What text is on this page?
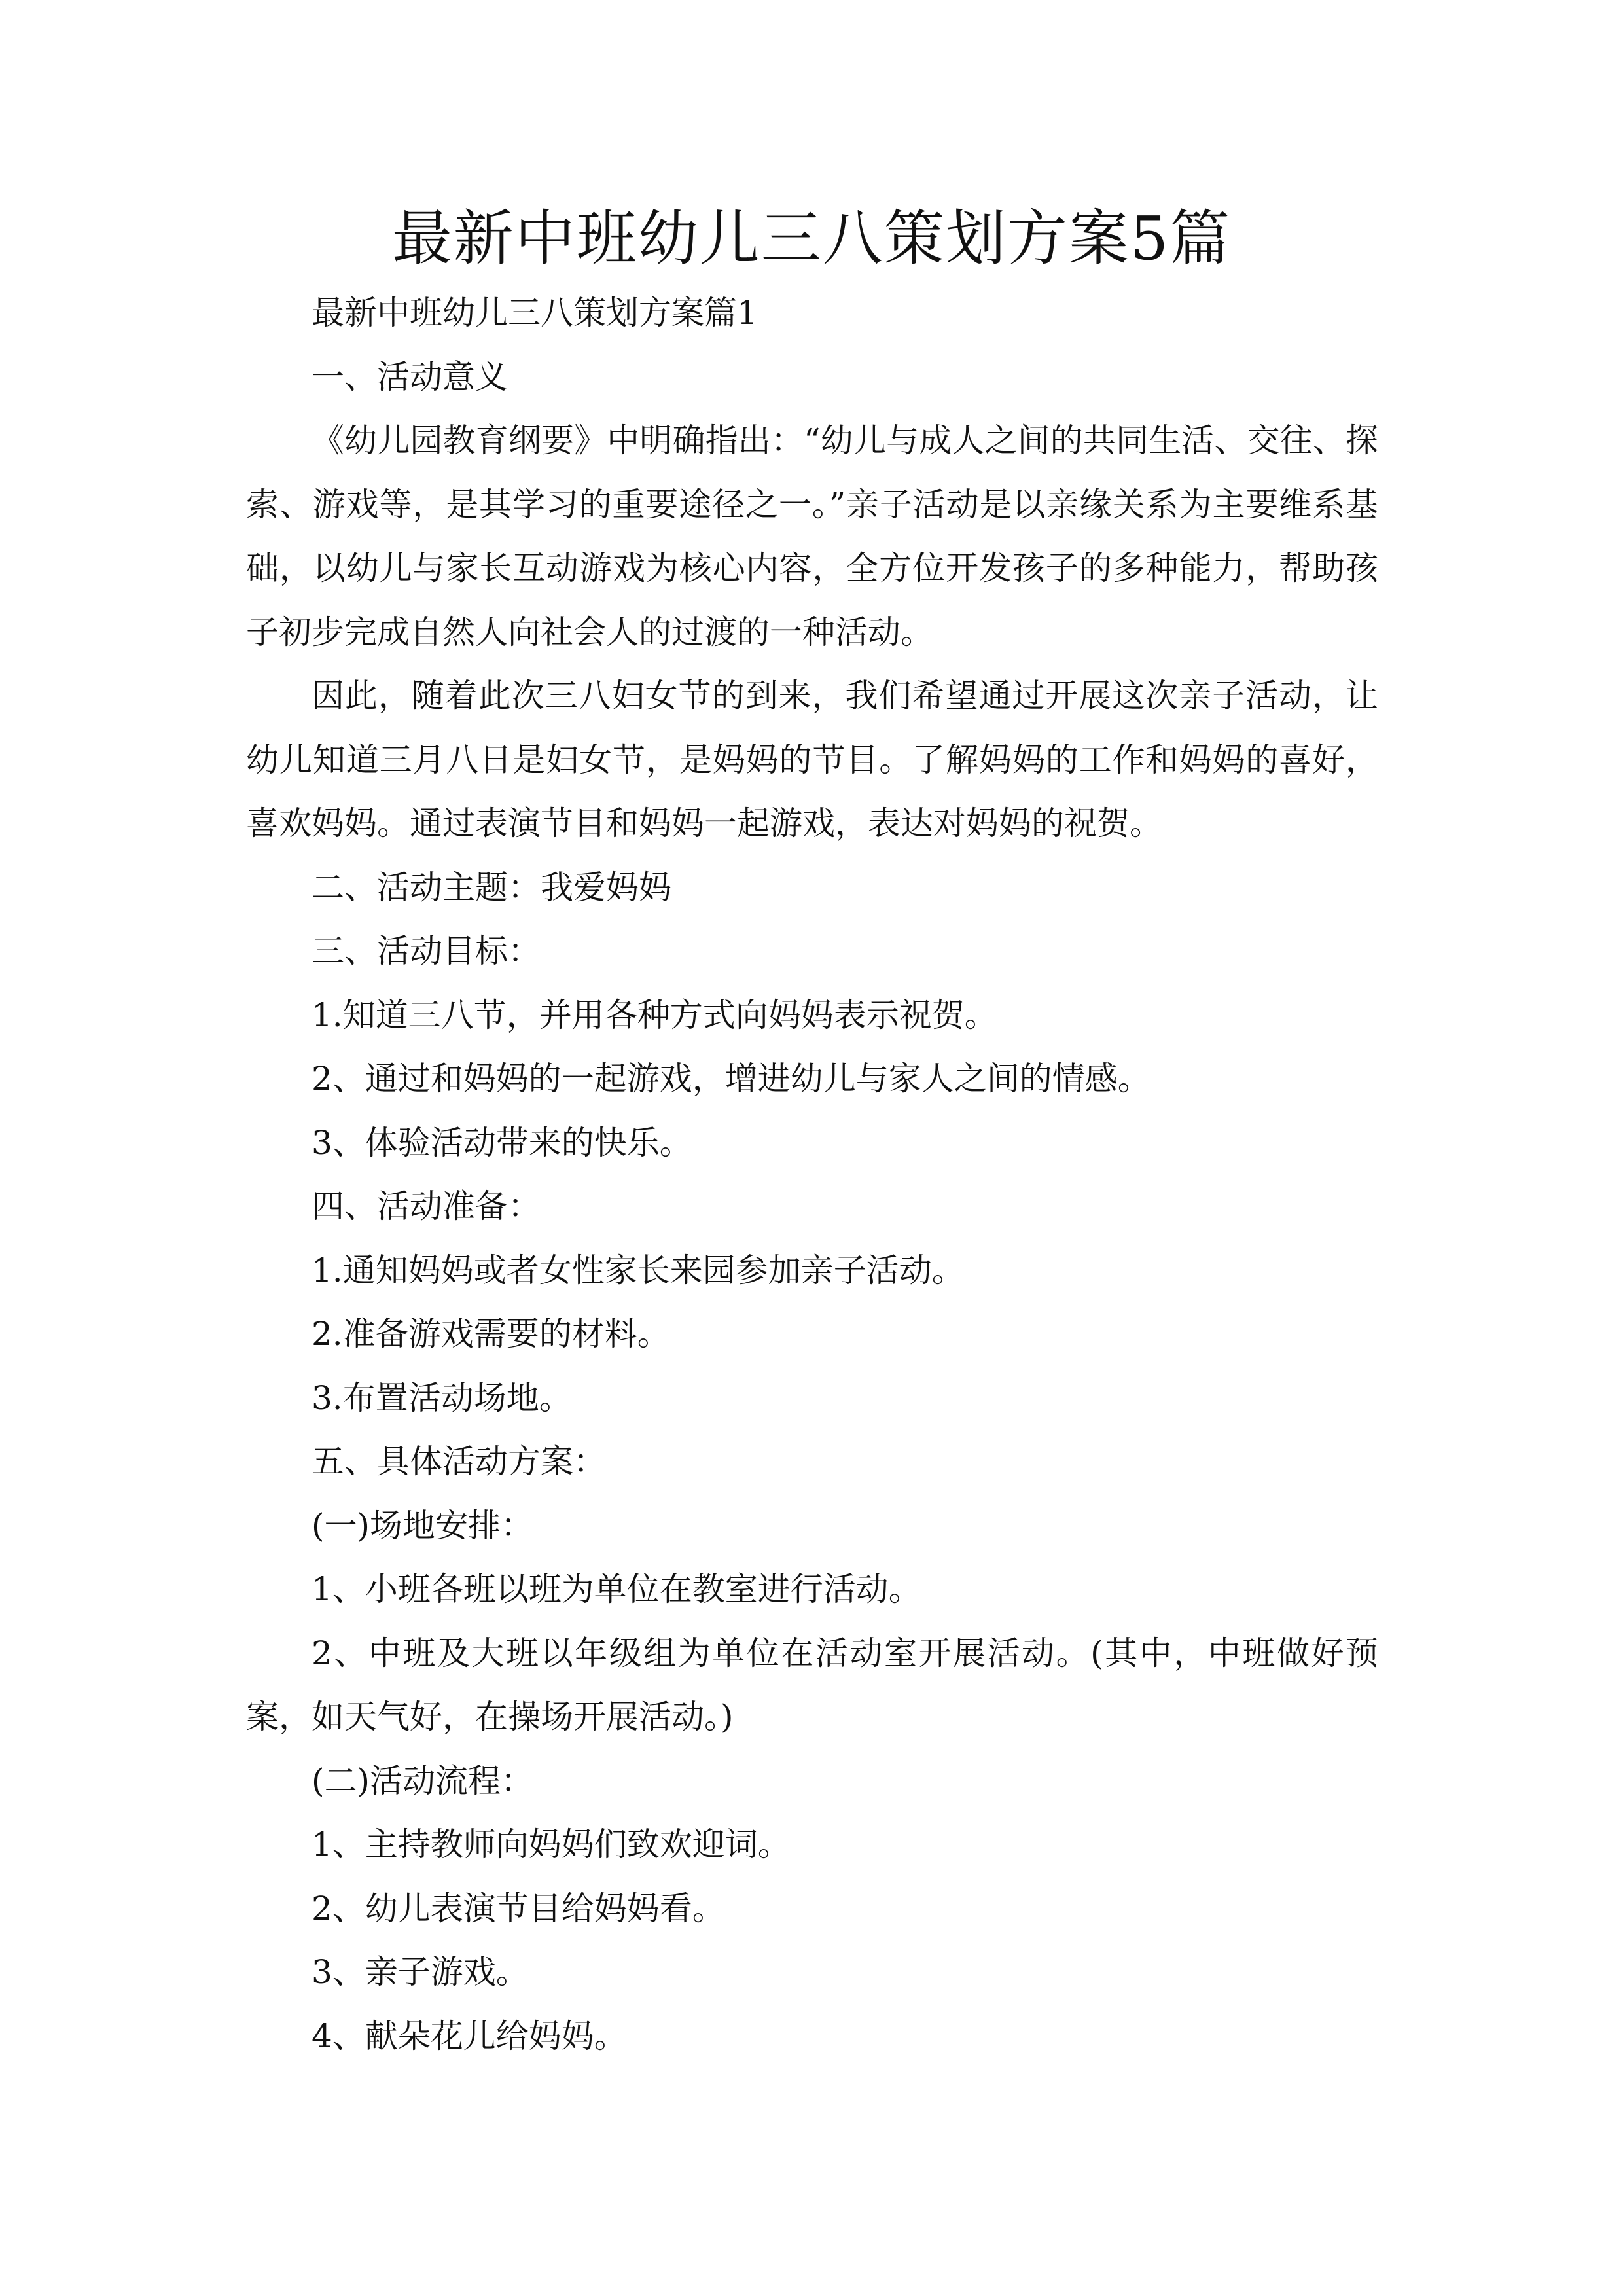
最新中班幼儿三八策划方案5篇

最新中班幼儿三八策划方案篇1

一、活动意义

《幼儿园教育纲要》中明确指出：“幼儿与成人之间的共同生活、交往、探索、游戏等，是其学习的重要途径之一。”亲子活动是以亲缘关系为主要维系基础，以幼儿与家长互动游戏为核心内容，全方位开发孩子的多种能力，帮助孩子初步完成自然人向社会人的过渡的一种活动。

因此，随着此次三八妇女节的到来，我们希望通过开展这次亲子活动，让幼儿知道三月八日是妇女节，是妈妈的节目。了解妈妈的工作和妈妈的喜好，喜欢妈妈。通过表演节目和妈妈一起游戏，表达对妈妈的祝贺。

二、活动主题：我爱妈妈

三、活动目标：

1.知道三八节，并用各种方式向妈妈表示祝贺。

2、通过和妈妈的一起游戏，增进幼儿与家人之间的情感。

3、体验活动带来的快乐。

四、活动准备：

1.通知妈妈或者女性家长来园参加亲子活动。

2.准备游戏需要的材料。

3.布置活动场地。

五、具体活动方案：

(一)场地安排：

1、小班各班以班为单位在教室进行活动。

2、中班及大班以年级组为单位在活动室开展活动。(其中，中班做好预案，如天气好，在操场开展活动。)

(二)活动流程：

1、主持教师向妈妈们致欢迎词。

2、幼儿表演节目给妈妈看。

3、亲子游戏。

4、献朵花儿给妈妈。
